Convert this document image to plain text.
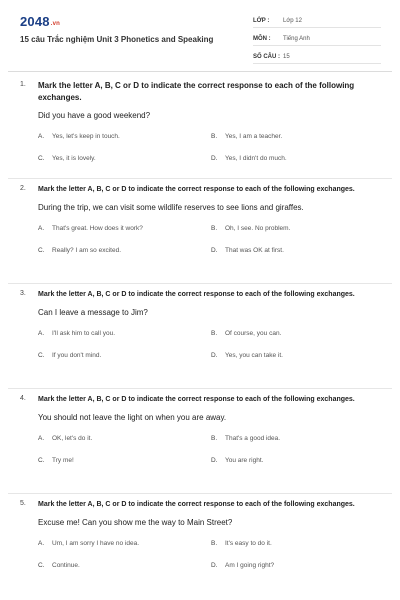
2048.vn
15 câu Trắc nghiệm Unit 3 Phonetics and Speaking
LỚP :	Lớp 12
MÔN :	Tiếng Anh
SỐ CÂU : 15
1.	Mark the letter A, B, C or D to indicate the correct response to each of the following exchanges.
Did you have a good weekend?
A.	Yes, let's keep in touch.	B.	Yes, I am a teacher.
C.	Yes, it is lovely.	D.	Yes, I didn't do much.
2.	Mark the letter A, B, C or D to indicate the correct response to each of the following exchanges.
During the trip, we can visit some wildlife reserves to see lions and giraffes.
A.	That's great. How does it work?	B.	Oh, I see. No problem.
C.	Really? I am so excited.	D.	That was OK at first.
3.	Mark the letter A, B, C or D to indicate the correct response to each of the following exchanges.
Can I leave a message to Jim?
A.	I'll ask him to call you.	B.	Of course, you can.
C.	If you don't mind.	D.	Yes, you can take it.
4.	Mark the letter A, B, C or D to indicate the correct response to each of the following exchanges.
You should not leave the light on when you are away.
A.	OK, let's do it.	B.	That's a good idea.
C.	Try me!	D.	You are right.
5.	Mark the letter A, B, C or D to indicate the correct response to each of the following exchanges.
Excuse me! Can you show me the way to Main Street?
A.	Um, I am sorry I have no idea.	B.	It's easy to do it.
C.	Continue.	D.	Am I going right?
